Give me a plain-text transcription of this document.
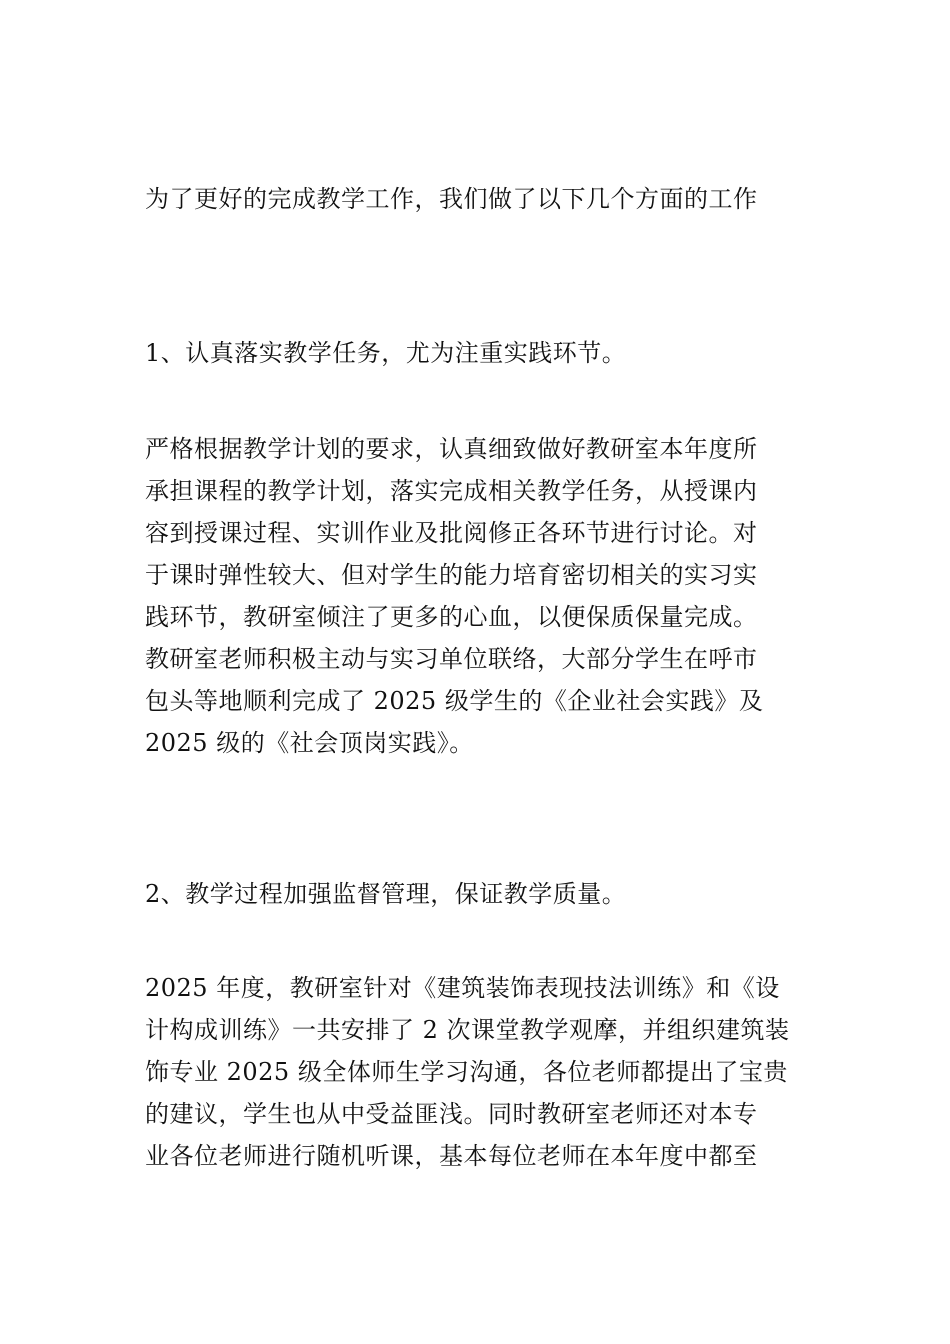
为了更好的完成教学工作，我们做了以下几个方面的工作

1、认真落实教学任务，尤为注重实践环节。

严格根据教学计划的要求，认真细致做好教研室本年度所
承担课程的教学计划，落实完成相关教学任务，从授课内
容到授课过程、实训作业及批阅修正各环节进行讨论。对
于课时弹性较大、但对学生的能力培育密切相关的实习实
践环节，教研室倾注了更多的心血，以便保质保量完成。
教研室老师积极主动与实习单位联络，大部分学生在呼市
包头等地顺利完成了 2025 级学生的《企业社会实践》及
2025 级的《社会顶岗实践》。

2、教学过程加强监督管理，保证教学质量。

2025 年度，教研室针对《建筑装饰表现技法训练》和《设
计构成训练》一共安排了 2 次课堂教学观摩，并组织建筑装
饰专业 2025 级全体师生学习沟通，各位老师都提出了宝贵
的建议，学生也从中受益匪浅。同时教研室老师还对本专
业各位老师进行随机听课，基本每位老师在本年度中都至
